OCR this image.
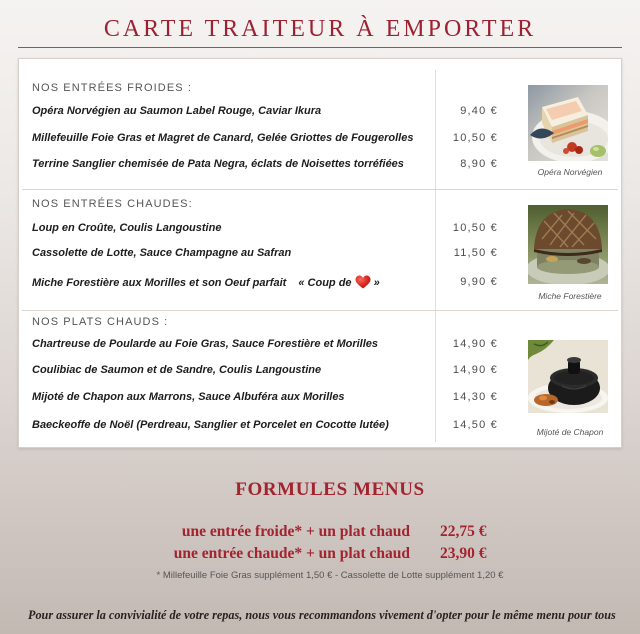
CARTE TRAITEUR À EMPORTER
NOS ENTRÉES FROIDES :
Opéra Norvégien au Saumon Label Rouge, Caviar Ikura	9,40 €
Millefeuille Foie Gras et Magret de Canard, Gelée Griottes de Fougerolles	10,50 €
Terrine Sanglier chemisée de Pata Negra, éclats de Noisettes torréfiées	8,90 €
Opéra Norvégien
NOS ENTRÉES CHAUDES:
Loup en Croûte, Coulis Langoustine	10,50 €
Cassolette de Lotte, Sauce Champagne au Safran	11,50 €
Miche Forestière aux Morilles et son Oeuf parfait « Coup de »	9,90 €
Miche Forestière
NOS PLATS CHAUDS :
Chartreuse de Poularde au Foie Gras, Sauce Forestière et Morilles	14,90 €
Coulibiac de Saumon et de Sandre, Coulis Langoustine	14,90 €
Mijoté de Chapon aux Marrons, Sauce Albuféra aux Morilles	14,30 €
Baeckeoffe de Noël (Perdreau, Sanglier et Porcelet en Cocotte lutée)	14,50 €
Mijoté de Chapon
FORMULES MENUS
une entrée froide* + un plat chaud 22,75 €
une entrée chaude* + un plat chaud 23,90 €
* Millefeuille Foie Gras supplément 1,50 € - Cassolette de Lotte supplément 1,20 €
Pour assurer la convivialité de votre repas, nous vous recommandons vivement d'opter pour le même menu pour tous
